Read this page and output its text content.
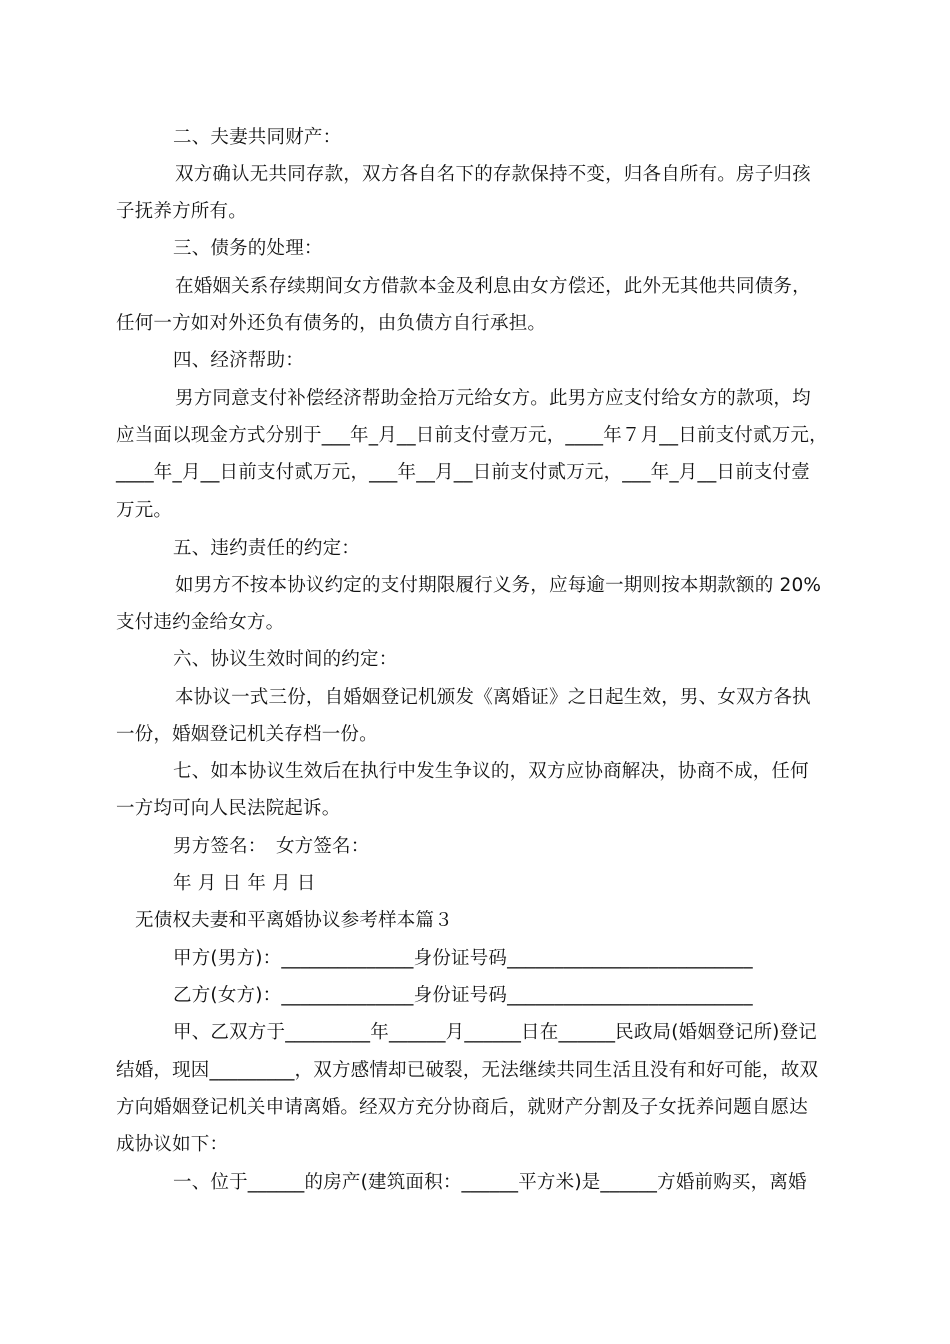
二、夫妻共同财产：
双方确认无共同存款，双方各自名下的存款保持不变，归各自所有。房子归孩
子抚养方所有。
三、债务的处理：
在婚姻关系存续期间女方借款本金及利息由女方偿还，此外无其他共同债务，
任何一方如对外还负有债务的，由负债方自行承担。
四、经济帮助：
男方同意支付补偿经济帮助金拾万元给女方。此男方应支付给女方的款项，均
应当面以现金方式分别于___年_月__日前支付壹万元，____年７月__日前支付贰万元，
____年_月__日前支付贰万元，___年__月__日前支付贰万元，___年_月__日前支付壹
万元。
五、违约责任的约定：
如男方不按本协议约定的支付期限履行义务，应每逾一期则按本期款额的 20%
支付违约金给女方。
六、协议生效时间的约定：
本协议一式三份，自婚姻登记机颁发《离婚证》之日起生效，男、女双方各执
一份，婚姻登记机关存档一份。
七、如本协议生效后在执行中发生争议的，双方应协商解决，协商不成，任何
一方均可向人民法院起诉。
男方签名：　女方签名：
年 月 日 年 月 日
无债权夫妻和平离婚协议参考样本篇３
甲方(男方)：______________身份证号码__________________________
乙方(女方)：______________身份证号码__________________________
甲、乙双方于_________年______月______日在______民政局(婚姻登记所)登记
结婚，现因_________，双方感情却已破裂，无法继续共同生活且没有和好可能，故双
方向婚姻登记机关申请离婚。经双方充分协商后，就财产分割及子女抚养问题自愿达
成协议如下：
一、位于______的房产(建筑面积：______平方米)是______方婚前购买，离婚
